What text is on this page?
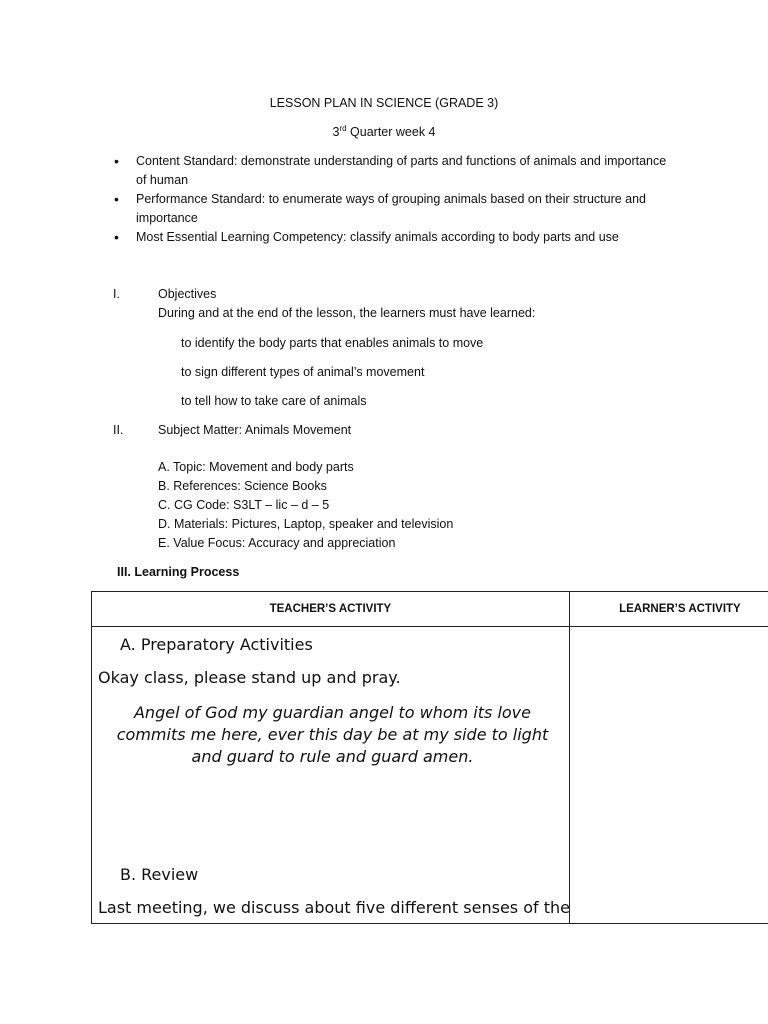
LESSON PLAN IN SCIENCE (GRADE 3)
3rd Quarter week 4
•	Content Standard: demonstrate understanding of parts and functions of animals and importance of human
•	Performance Standard: to enumerate ways of grouping animals based on their structure and importance
•	Most Essential Learning Competency: classify animals according to body parts and use
I.	Objectives
During and at the end of the lesson, the learners must have learned:
to identify the body parts that enables animals to move
to sign different types of animal’s movement
to tell how to take care of animals
II.	Subject Matter: Animals Movement
A. Topic: Movement and body parts
B. References: Science Books
C. CG Code: S3LT – lic – d – 5
D. Materials: Pictures, Laptop, speaker and television
E. Value Focus: Accuracy and appreciation
III. Learning Process
TEACHER’S ACTIVITY	LEARNER’S ACTIVITY

A. Preparatory Activities
Okay class, please stand up and pray.
Angel of God my guardian angel to whom its love commits me here, ever this day be at my side to light and guard to rule and guard amen.
B. Review
Last meeting, we discuss about five different senses of the	
